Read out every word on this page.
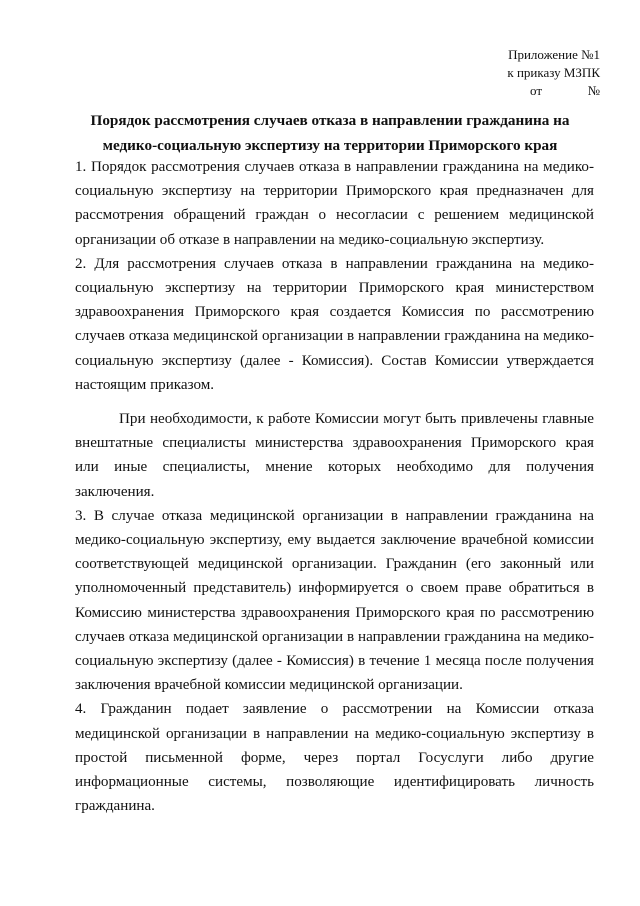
Приложение №1
к приказу МЗПК
от	№
Порядок рассмотрения случаев отказа в направлении гражданина на
медико-социальную экспертизу на территории Приморского края

1. Порядок рассмотрения случаев отказа в направлении гражданина на медико-социальную экспертизу на территории Приморского края предназначен для рассмотрения обращений граждан о несогласии с решением медицинской организации об отказе в направлении на медико-социальную экспертизу.

2. Для рассмотрения случаев отказа в направлении гражданина на медико-социальную экспертизу на территории Приморского края министерством здравоохранения Приморского края создается Комиссия по рассмотрению случаев отказа медицинской организации в направлении гражданина на медико-социальную экспертизу (далее - Комиссия). Состав Комиссии утверждается настоящим приказом.

При необходимости, к работе Комиссии могут быть привлечены главные внештатные специалисты министерства здравоохранения Приморского края или иные специалисты, мнение которых необходимо для получения заключения.

3. В случае отказа медицинской организации в направлении гражданина на медико-социальную экспертизу, ему выдается заключение врачебной комиссии соответствующей медицинской организации. Гражданин (его законный или уполномоченный представитель) информируется о своем праве обратиться в Комиссию министерства здравоохранения Приморского края по рассмотрению случаев отказа медицинской организации в направлении гражданина на медико-социальную экспертизу (далее - Комиссия) в течение 1 месяца после получения заключения врачебной комиссии медицинской организации.

4. Гражданин подает заявление о рассмотрении на Комиссии отказа медицинской организации в направлении на медико-социальную экспертизу в простой письменной форме, через портал Госуслуги либо другие информационные системы, позволяющие идентифицировать личность гражданина.
